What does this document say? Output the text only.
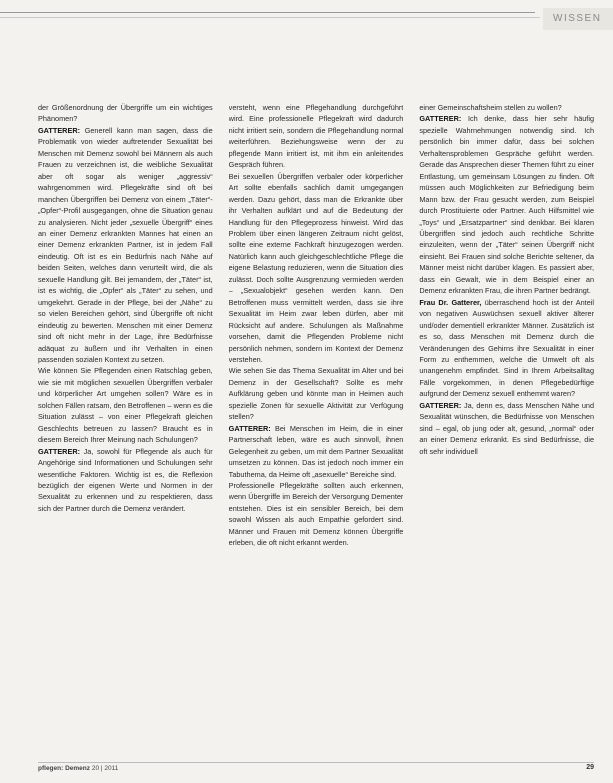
WISSEN

der Größenordnung der Übergriffe um ein wichtiges Phänomen?

GATTERER: Generell kann man sagen, dass die Problematik von wieder auftretender Sexualität bei Menschen mit Demenz sowohl bei Männern als auch Frauen zu verzeichnen ist, die weibliche Sexualität aber oft sogar als weniger „aggressiv“ wahrgenommen wird. Pflegekräfte sind oft bei manchen Übergriffen bei Demenz von einem „Täter“-„Opfer“-Profil ausgegangen, ohne die Situation genau zu analysieren. Nicht jeder „sexuelle Übergriff“ eines an einer Demenz erkrankten Mannes hat einen an einer Demenz erkrankten Partner, ist in jedem Fall eindeutig. Oft ist es ein Bedürfnis nach Nähe auf beiden Seiten, welches dann verurteilt wird, die als sexuelle Handlung gilt. Bei jemandem, der „Täter“ ist, ist es wichtig, die „Opfer“ als „Täter“ zu sehen, und umgekehrt. Gerade in der Pflege, bei der „Nähe“ zu so vielen Bereichen gehört, sind Übergriffe oft nicht eindeutig zu bewerten. Menschen mit einer Demenz sind oft nicht mehr in der Lage, ihre Bedürfnisse adäquat zu äußern und ihr Verhalten in einen passenden sozialen Kontext zu setzen.

Wie können Sie Pflegenden einen Ratschlag geben, wie sie mit möglichen sexuellen Übergriffen verbaler und körperlicher Art umgehen sollen? Wäre es in solchen Fällen ratsam, den Betroffenen – wenn es die Situation zulässt – von einer Pflegekraft gleichen Geschlechts betreuen zu lassen? Braucht es in diesem Bereich Ihrer Meinung nach Schulungen?

GATTERER: Ja, sowohl für Pflegende als auch für Angehörige sind Informationen und Schulungen sehr wesentliche Faktoren. Wichtig ist es, die Reflexion bezüglich der eigenen Werte und Normen in der Sexualität zu erkennen und zu respektieren, dass sich der Partner durch die Demenz verändert.

versteht, wenn eine Pflegehandlung durchgeführt wird. Eine professionelle Pflegekraft wird dadurch nicht irritiert sein, sondern die Pflegehandlung normal weiterführen. Beziehungsweise wenn der zu pflegende Mann irritiert ist, mit ihm ein anleitendes Gespräch führen.

Bei sexuellen Übergriffen verbaler oder körperlicher Art sollte ebenfalls sachlich damit umgegangen werden. Dazu gehört, dass man die Erkrankte über ihr Verhalten aufklärt und auf die Bedeutung der Handlung für den Pflegeprozess hinweist. Wird das Problem über einen längeren Zeitraum nicht gelöst, sollte eine externe Fachkraft hinzugezogen werden. Natürlich kann auch gleichgeschlechtliche Pflege die eigene Belastung reduzieren, wenn die Situation dies zulässt. Doch sollte Ausgrenzung vermieden werden – „Sexualobjekt“ gesehen werden kann. Den Betroffenen muss vermittelt werden, dass sie ihre Sexualität im Heim zwar leben dürfen, aber mit Rücksicht auf andere. Schulungen als Maßnahme vorsehen, damit die Pflegenden Probleme nicht persönlich nehmen, sondern im Kontext der Demenz verstehen.

Wie sehen Sie das Thema Sexualität im Alter und bei Demenz in der Gesellschaft? Sollte es mehr Aufklärung geben und könnte man in Heimen auch spezielle Zonen für sexuelle Aktivität zur Verfügung stellen?

GATTERER: Bei Menschen im Heim, die in einer Partnerschaft leben, wäre es auch sinnvoll, ihnen Gelegenheit zu geben, um mit dem Partner Sexualität umsetzen zu können. Das ist jedoch noch immer ein Tabuthema, da Heime oft „asexuelle“ Bereiche sind.

Professionelle Pflegekräfte sollten auch erkennen, wenn Übergriffe im Bereich der Versorgung Dementer entstehen. Dies ist ein sensibler Bereich, bei dem sowohl Wissen als auch Empathie gefordert sind. Männer und Frauen mit Demenz können Übergriffe erleben, die oft nicht erkannt werden.

einer Gemeinschaftsheim stellen zu wollen?

GATTERER: Ich denke, dass hier sehr häufig spezielle Wahrnehmungen notwendig sind. Ich persönlich bin immer dafür, dass bei solchen Verhaltensproblemen Gespräche geführt werden. Gerade das Ansprechen dieser Themen führt zu einer Entlastung, um gemeinsam Lösungen zu finden. Oft müssen auch Möglichkeiten zur Befriedigung beim Mann bzw. der Frau gesucht werden, zum Beispiel durch Prostituierte oder Partner. Auch Hilfsmittel wie „Toys“ und „Ersatzpartner“ sind denkbar. Bei klaren Übergriffen sind jedoch auch rechtliche Schritte einzuleiten, wenn der „Täter“ seinen Übergriff nicht einsieht. Bei Frauen sind solche Berichte seltener, da Männer meist nicht darüber klagen. Es passiert aber, dass ein Gewalt, wie in dem Beispiel einer an Demenz erkrankten Frau, die ihren Partner bedrängt.

Frau Dr. Gatterer, überraschend hoch ist der Anteil von negativen Auswüchsen sexuell aktiver älterer und/oder dementiell erkrankter Männer. Zusätzlich ist es so, dass Menschen mit Demenz durch die Veränderungen des Gehirns ihre Sexualität in einer Form zu enthemmen, welche die Umwelt oft als unangenehm empfindet. Sind in Ihrem Arbeitsalltag Fälle vorgekommen, in denen Pflegebedürftige aufgrund der Demenz sexuell enthemmt waren?

GATTERER: Ja, denn es, dass Menschen Nähe und Sexualität wünschen, die Bedürfnisse von Menschen sind – egal, ob jung oder alt, gesund, „normal“ oder an einer Demenz erkrankt. Es sind Bedürfnisse, die oft sehr individuell

pflegen: Demenz 20 | 2011	29
